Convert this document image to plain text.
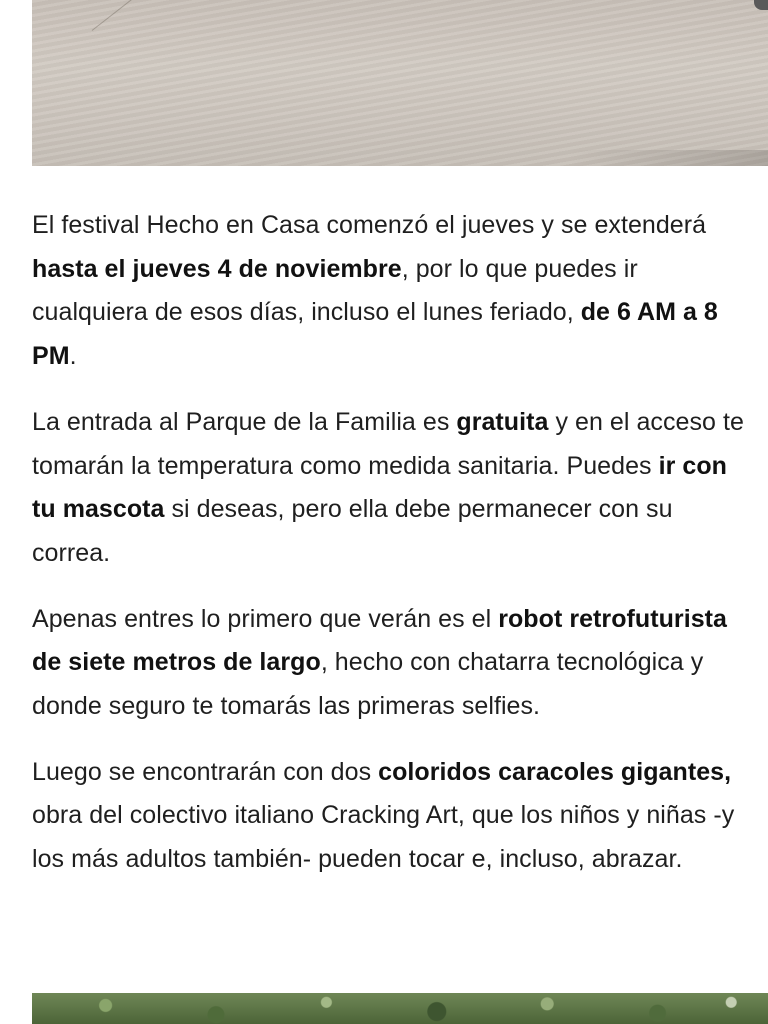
El festival Hecho en Casa comenzó el jueves y se extenderá hasta el jueves 4 de noviembre, por lo que puedes ir cualquiera de esos días, incluso el lunes feriado, de 6 AM a 8 PM.

La entrada al Parque de la Familia es gratuita y en el acceso te tomarán la temperatura como medida sanitaria. Puedes ir con tu mascota si deseas, pero ella debe permanecer con su correa.

Apenas entres lo primero que verán es el robot retrofuturista de siete metros de largo, hecho con chatarra tecnológica y donde seguro te tomarás las primeras selfies.

Luego se encontrarán con dos coloridos caracoles gigantes, obra del colectivo italiano Cracking Art, que los niños y niñas -y los más adultos también- pueden tocar e, incluso, abrazar.
